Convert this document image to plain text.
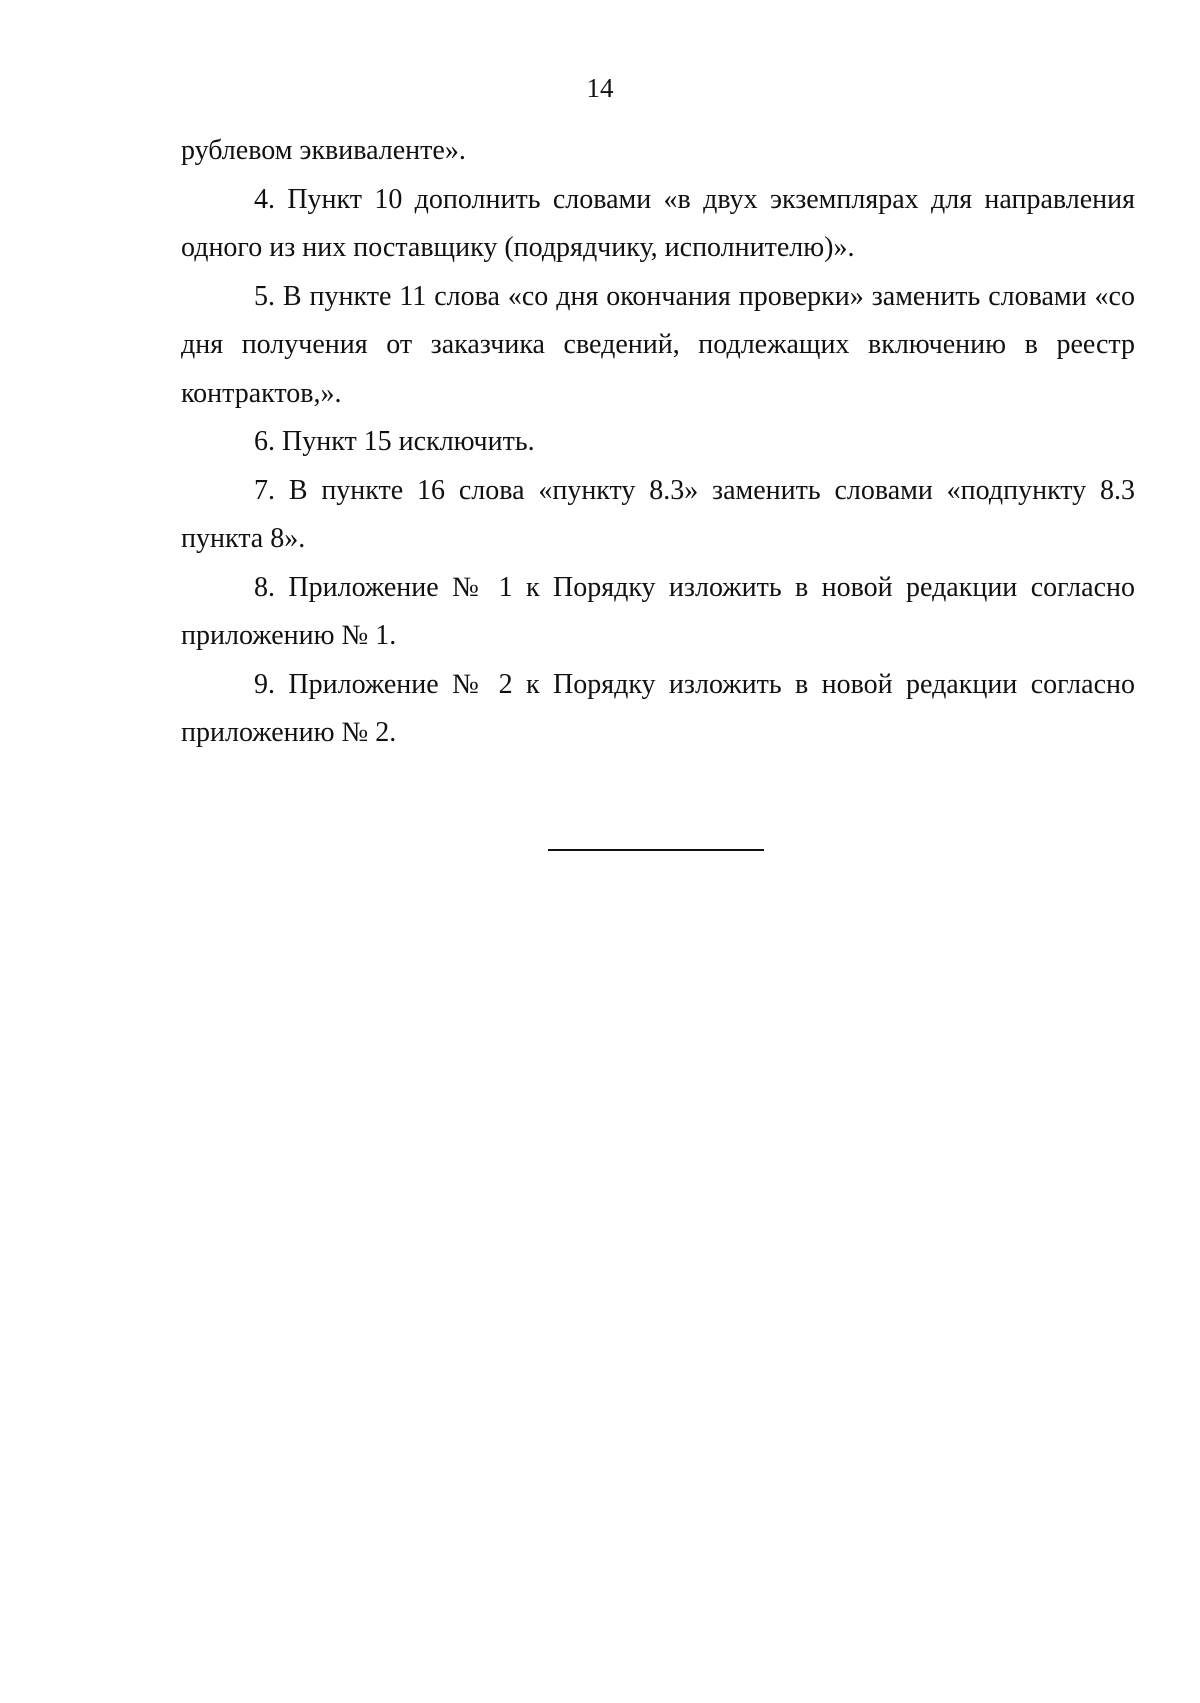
14

рублевом эквиваленте».

4. Пункт 10 дополнить словами «в двух экземплярах для направления одного из них поставщику (подрядчику, исполнителю)».

5. В пункте 11 слова «со дня окончания проверки» заменить словами «со дня получения от заказчика сведений, подлежащих включению в реестр контрактов,».

6. Пункт 15 исключить.

7. В пункте 16 слова «пункту 8.3» заменить словами «подпункту 8.3 пункта 8».

8. Приложение № 1 к Порядку изложить в новой редакции согласно приложению № 1.

9. Приложение № 2 к Порядку изложить в новой редакции согласно приложению № 2.
